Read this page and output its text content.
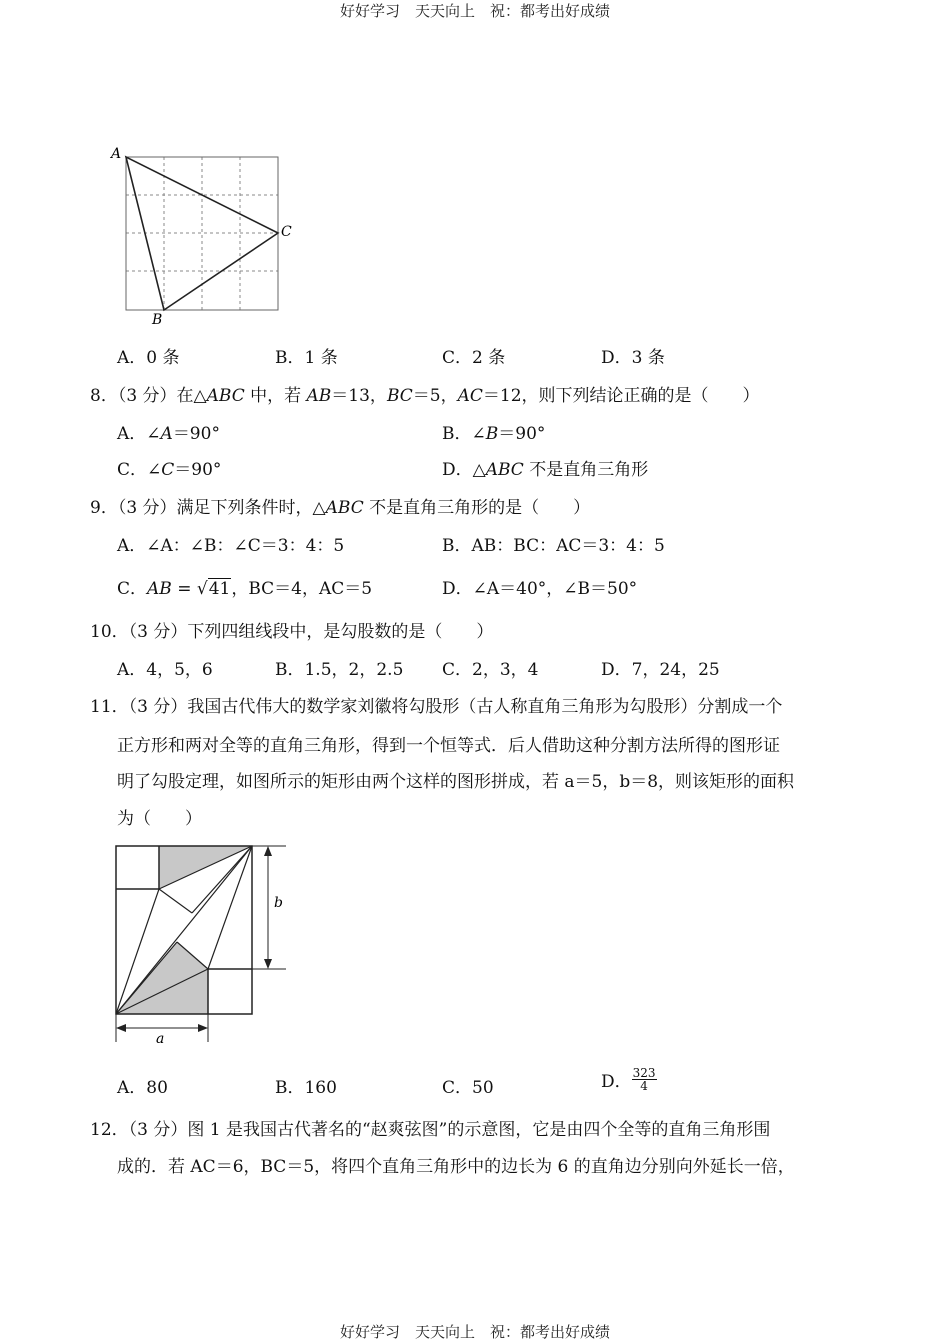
好好学习　天天向上　祝：都考出好成绩
A
C
B
A．0 条	B．1 条	C．2 条	D．3 条
8．（3 分）在△ABC 中，若 AB＝13，BC＝5，AC＝12，则下列结论正确的是（　　）
A．∠A＝90°	B．∠B＝90°
C．∠C＝90°	D．△ABC 不是直角三角形
9．（3 分）满足下列条件时，△ABC 不是直角三角形的是（　　）
A．∠A：∠B：∠C＝3：4：5	B．AB：BC：AC＝3：4：5
C．AB = √41，BC＝4，AC＝5	D．∠A＝40°，∠B＝50°
10．（3 分）下列四组线段中，是勾股数的是（　　）
A．4，5，6	B．1.5，2，2.5 C．2，3，4	D．7，24，25
11．（3 分）我国古代伟大的数学家刘徽将勾股形（古人称直角三角形为勾股形）分割成一个
正方形和两对全等的直角三角形，得到一个恒等式．后人借助这种分割方法所得的图形证
明了勾股定理，如图所示的矩形由两个这样的图形拼成，若 a＝5，b＝8，则该矩形的面积
为（　　）
b
a
A．80	B．160	C．50	D． $\frac{323}{4}$
12．（3 分）图 1 是我国古代著名的“赵爽弦图”的示意图，它是由四个全等的直角三角形围
成的．若 AC＝6，BC＝5，将四个直角三角形中的边长为 6 的直角边分别向外延长一倍，
好好学习　天天向上　祝：都考出好成绩
